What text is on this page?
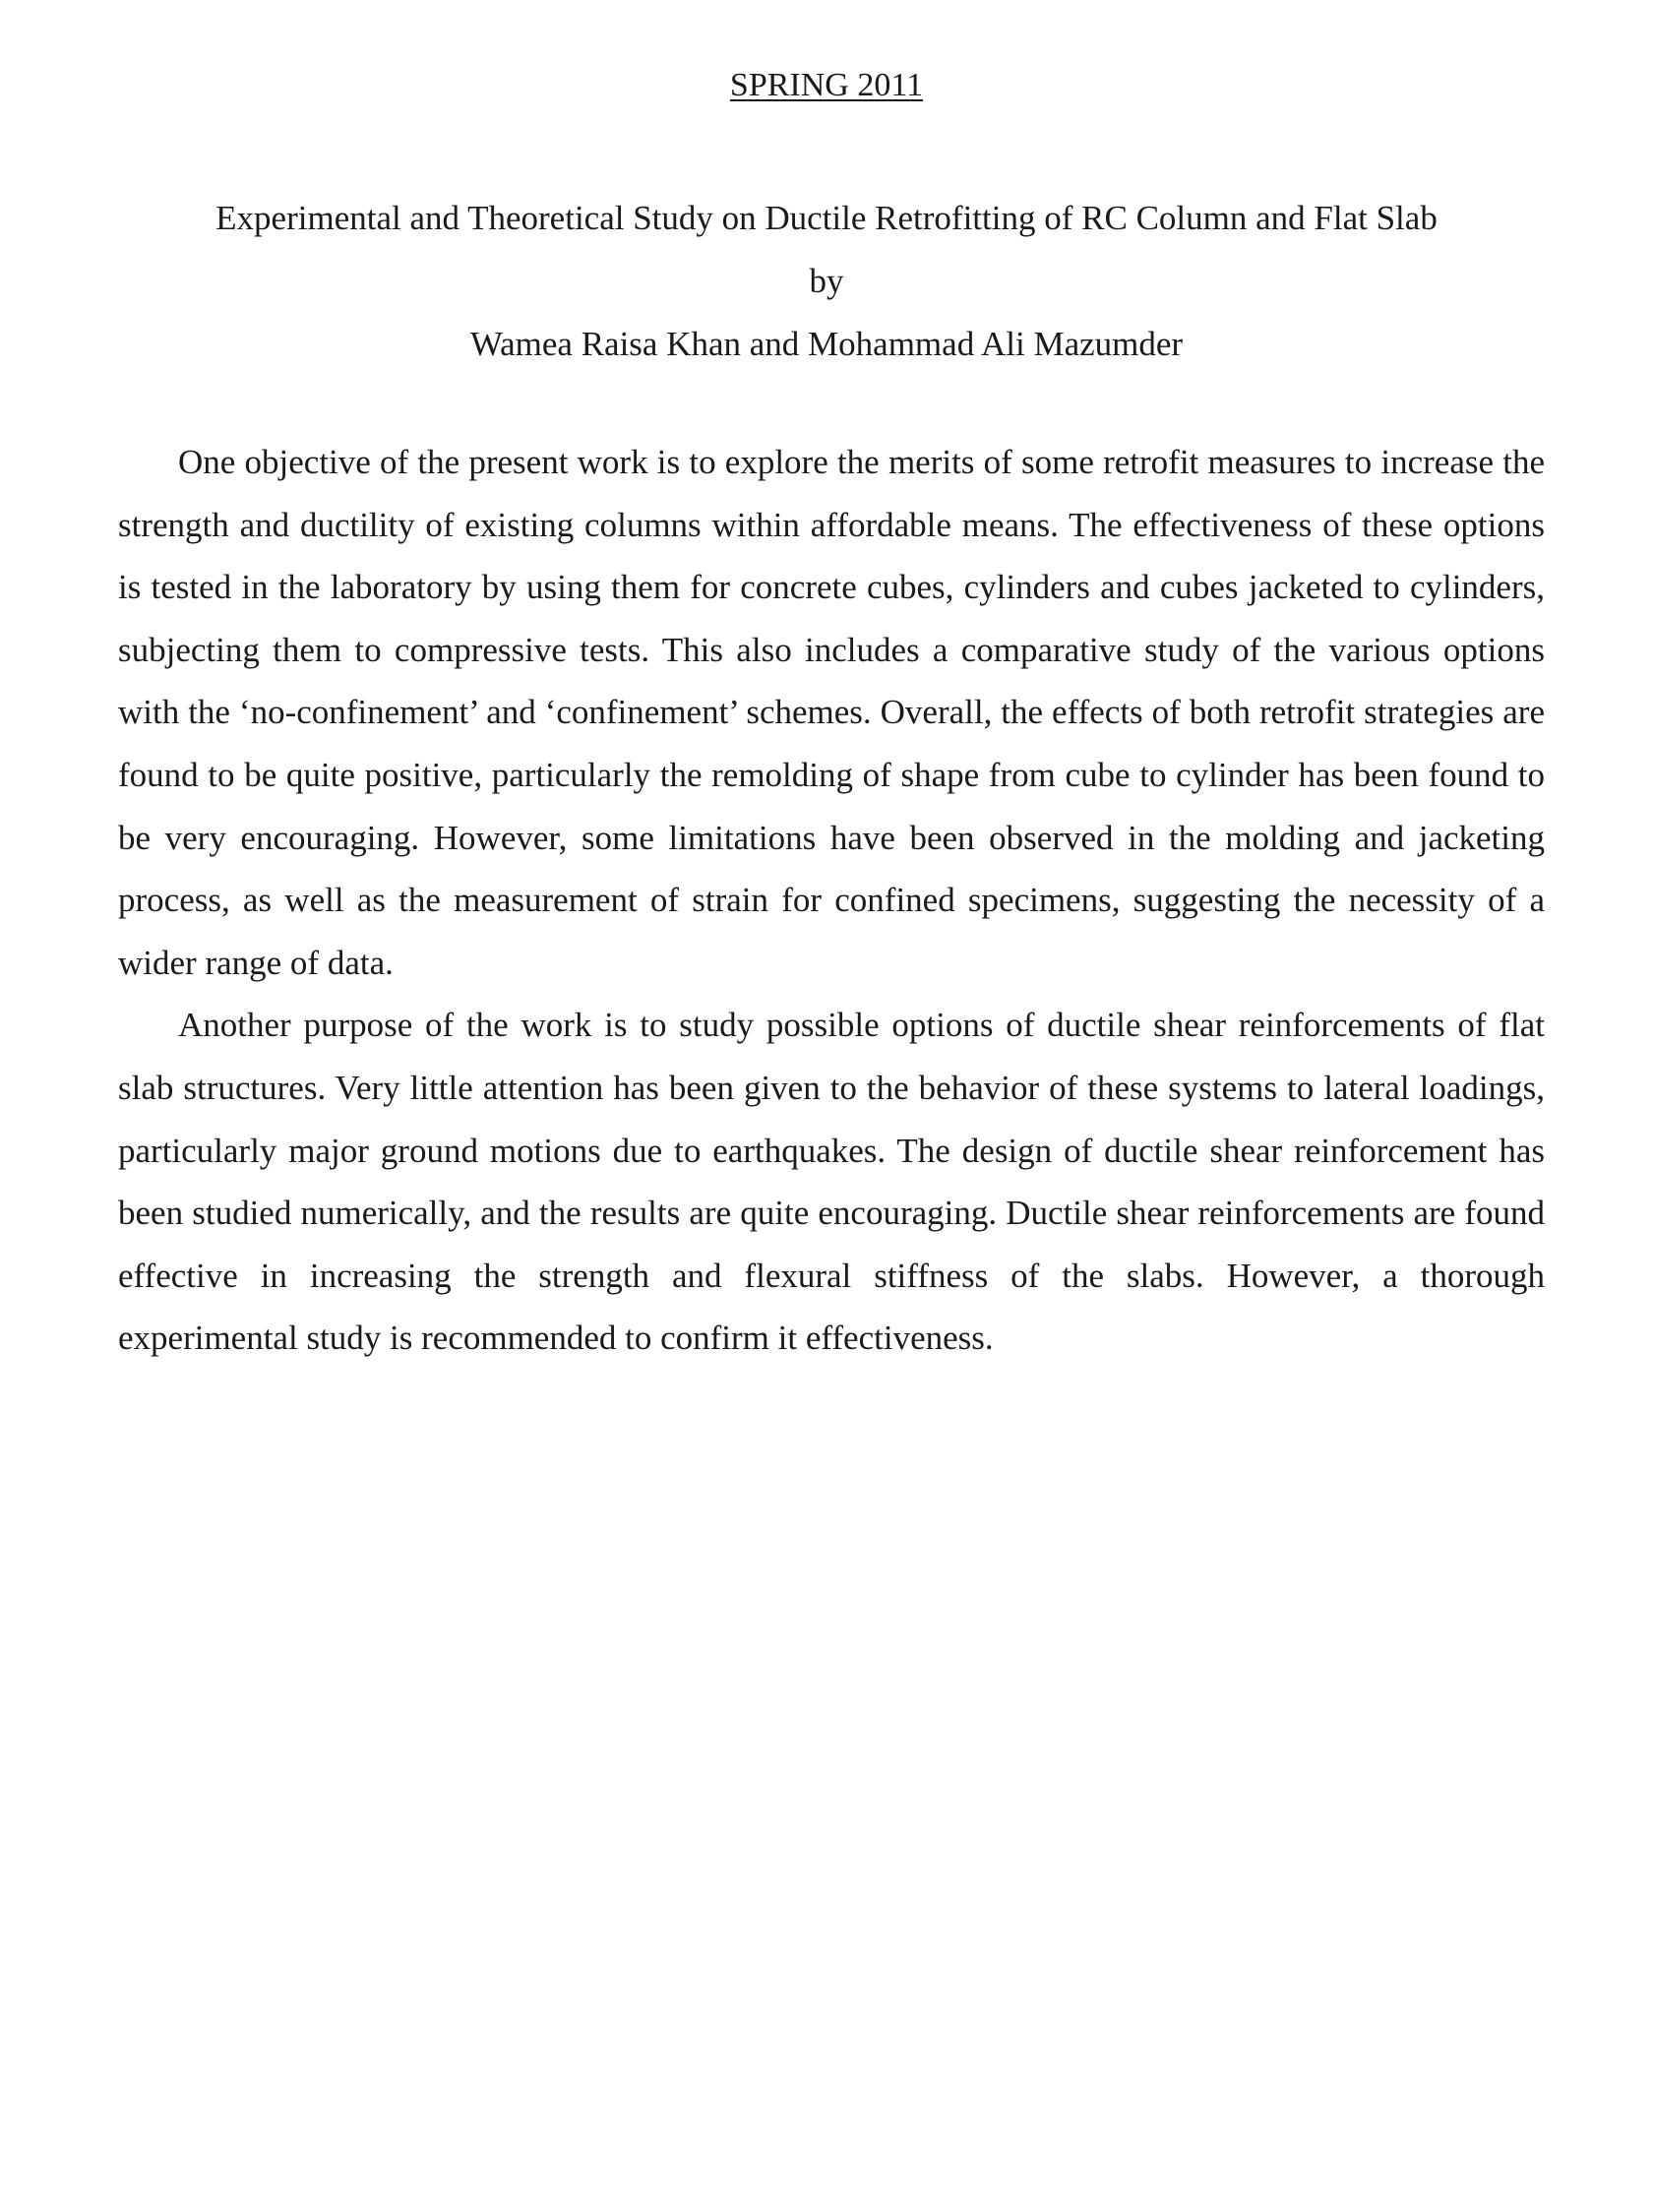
SPRING 2011
Experimental and Theoretical Study on Ductile Retrofitting of RC Column and Flat Slab
by
Wamea Raisa Khan and Mohammad Ali Mazumder

One objective of the present work is to explore the merits of some retrofit measures to increase the strength and ductility of existing columns within affordable means. The effectiveness of these options is tested in the laboratory by using them for concrete cubes, cylinders and cubes jacketed to cylinders, subjecting them to compressive tests. This also includes a comparative study of the various options with the ‘no-confinement’ and ‘confinement’ schemes. Overall, the effects of both retrofit strategies are found to be quite positive, particularly the remolding of shape from cube to cylinder has been found to be very encouraging. However, some limitations have been observed in the molding and jacketing process, as well as the measurement of strain for confined specimens, suggesting the necessity of a wider range of data.

Another purpose of the work is to study possible options of ductile shear reinforcements of flat slab structures. Very little attention has been given to the behavior of these systems to lateral loadings, particularly major ground motions due to earthquakes. The design of ductile shear reinforcement has been studied numerically, and the results are quite encouraging. Ductile shear reinforcements are found effective in increasing the strength and flexural stiffness of the slabs. However, a thorough experimental study is recommended to confirm it effectiveness.
